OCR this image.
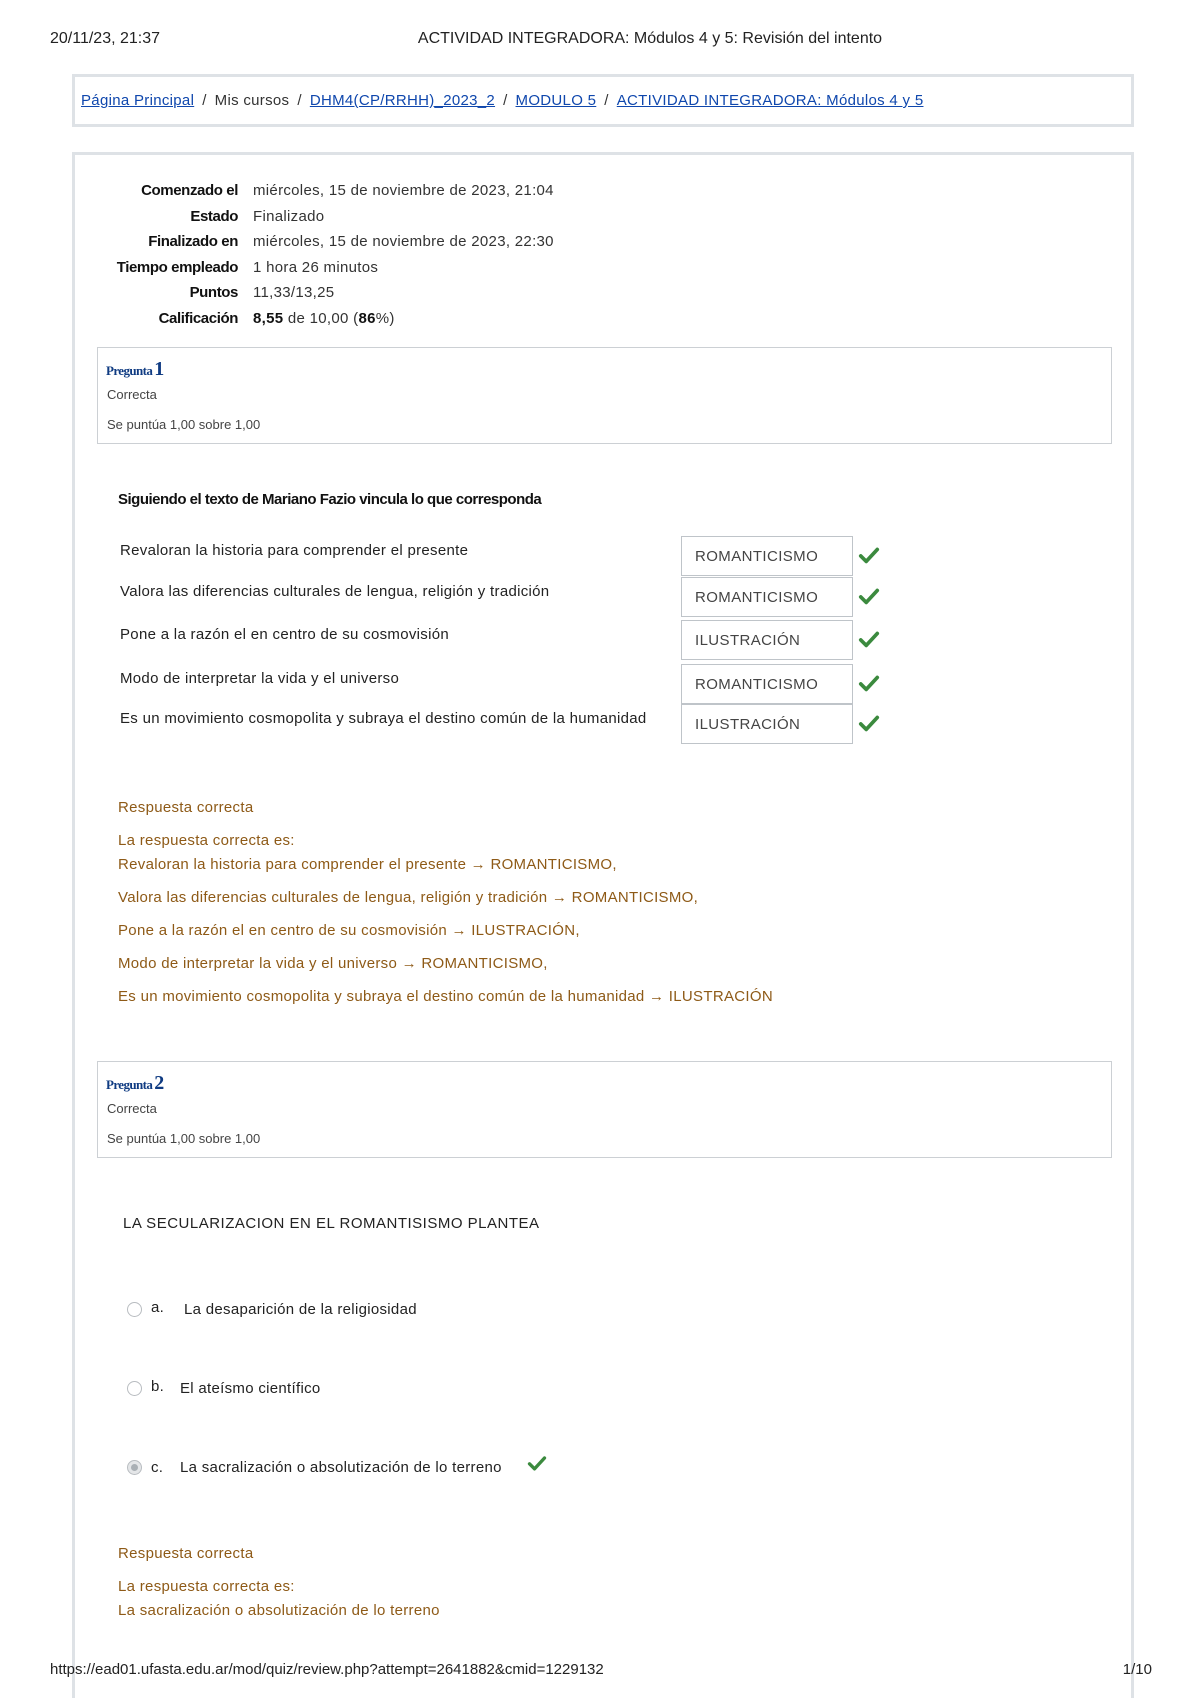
20/11/23, 21:37	ACTIVIDAD INTEGRADORA: Módulos 4 y 5: Revisión del intento
Página Principal / Mis cursos / DHM4(CP/RRHH)_2023_2 / MODULO 5 / ACTIVIDAD INTEGRADORA: Módulos 4 y 5
Comenzado el	miércoles, 15 de noviembre de 2023, 21:04
Estado	Finalizado
Finalizado en	miércoles, 15 de noviembre de 2023, 22:30
Tiempo empleado	1 hora 26 minutos
Puntos	11,33/13,25
Calificación	8,55 de 10,00 (86%)
Pregunta 1
Correcta
Se puntúa 1,00 sobre 1,00
Siguiendo el texto de Mariano Fazio vincula lo que corresponda
Revaloran la historia para comprender el presente	ROMANTICISMO
Valora las diferencias culturales de lengua, religión y tradición	ROMANTICISMO
Pone a la razón el en centro de su cosmovisión	ILUSTRACIÓN
Modo de interpretar la vida y el universo	ROMANTICISMO
Es un movimiento cosmopolita y subraya el destino común de la humanidad	ILUSTRACIÓN
Respuesta correcta
La respuesta correcta es:
Revaloran la historia para comprender el presente → ROMANTICISMO,
Valora las diferencias culturales de lengua, religión y tradición → ROMANTICISMO,
Pone a la razón el en centro de su cosmovisión → ILUSTRACIÓN,
Modo de interpretar la vida y el universo → ROMANTICISMO,
Es un movimiento cosmopolita y subraya el destino común de la humanidad → ILUSTRACIÓN
Pregunta 2
Correcta
Se puntúa 1,00 sobre 1,00
LA SECULARIZACION EN EL ROMANTISISMO PLANTEA
a. La desaparición de la religiosidad
b. El ateísmo científico
c. La sacralización o absolutización de lo terreno
Respuesta correcta
La respuesta correcta es:
La sacralización o absolutización de lo terreno
https://ead01.ufasta.edu.ar/mod/quiz/review.php?attempt=2641882&cmid=1229132	1/10
